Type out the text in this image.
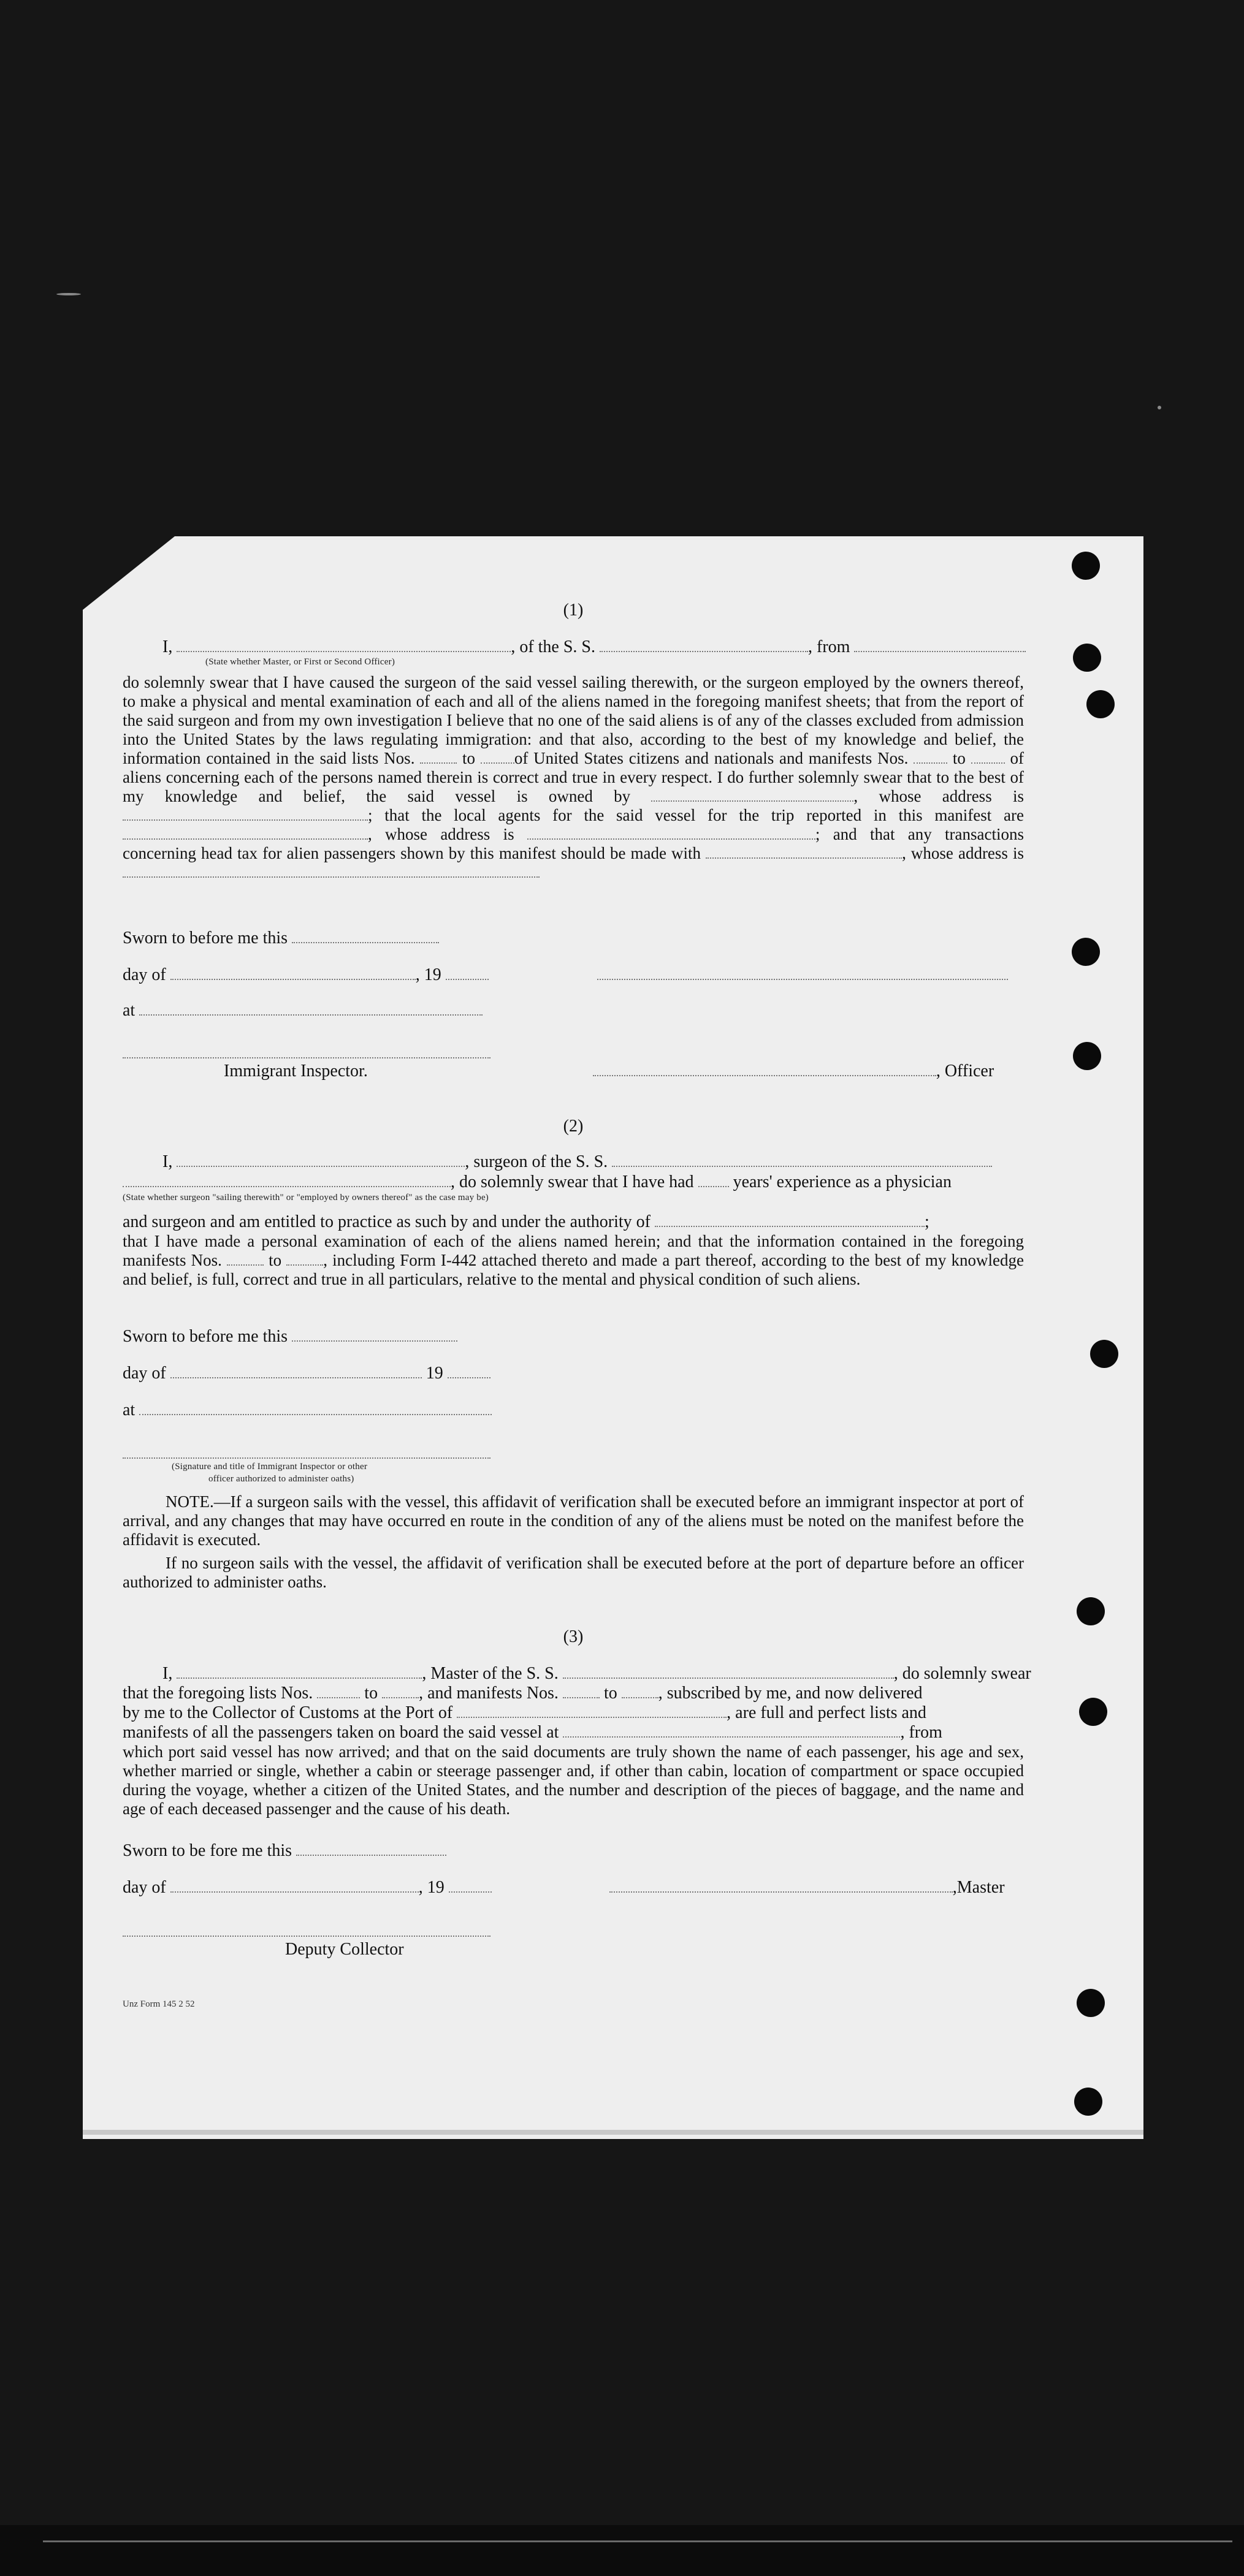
(1)
I,	, of the S. S.	, from
(State whether Master, or First or Second Officer)
do solemnly swear that I have caused the surgeon of the said vessel sailing therewith, or the surgeon employed by the owners thereof, to make a physical and mental examination of each and all of the aliens named in the foregoing manifest sheets; that from the report of the said surgeon and from my own investigation I believe that no one of the said aliens is of any of the classes excluded from admission into the United States by the laws regulating immigration: and that also, according to the best of my knowledge and belief, the information contained in the said lists Nos.	to of United States citizens and nationals and manifests Nos.	to	of aliens concerning each of the persons named therein is correct and true in every respect. I do further solemnly swear that to the best of my knowledge and belief, the said vessel is owned by	, whose address is ; that the local agents for the said vessel for the trip reported in this manifest are , whose address is	; and that any transactions concerning head tax for alien passengers shown by this manifest should be made with	, whose address is
Sworn to before me this
day of	, 19
at
Immigrant Inspector.	, Officer
(2)
I,	, surgeon of the S. S.
, do solemnly swear that I have had years' experience as a physician
(State whether surgeon "sailing therewith" or "employed by owners thereof" as the case may be)
and surgeon and am entitled to practice as such by and under the authority of	;
that I have made a personal examination of each of the aliens named herein; and that the information contained in the foregoing manifests Nos.	to	, including Form I-442 attached thereto and made a part thereof, according to the best of my knowledge and belief, is full, correct and true in all particulars, relative to the mental and physical condition of such aliens.
Sworn to before me this
day of	19
at
(Signature and title of Immigrant Inspector or other
officer authorized to administer oaths)
NOTE.—If a surgeon sails with the vessel, this affidavit of verification shall be executed before an immigrant inspector at port of arrival, and any changes that may have occurred en route in the condition of any of the aliens must be noted on the manifest before the affidavit is executed.
If no surgeon sails with the vessel, the affidavit of verification shall be executed before at the port of departure before an officer authorized to administer oaths.
(3)
I,	, Master of the S. S.	, do solemnly swear
that the foregoing lists Nos.	to , and manifests Nos.	to , subscribed by me, and now delivered
by me to the Collector of Customs at the Port of	, are full and perfect lists and
manifests of all the passengers taken on board the said vessel at	, from
which port said vessel has now arrived; and that on the said documents are truly shown the name of each passenger, his age and sex, whether married or single, whether a cabin or steerage passenger and, if other than cabin, location of compartment or space occupied during the voyage, whether a citizen of the United States, and the number and description of the pieces of baggage, and the name and age of each deceased passenger and the cause of his death.
Sworn to be fore me this
day of	, 19	,Master
Deputy Collector
Unz Form 145 2 52
